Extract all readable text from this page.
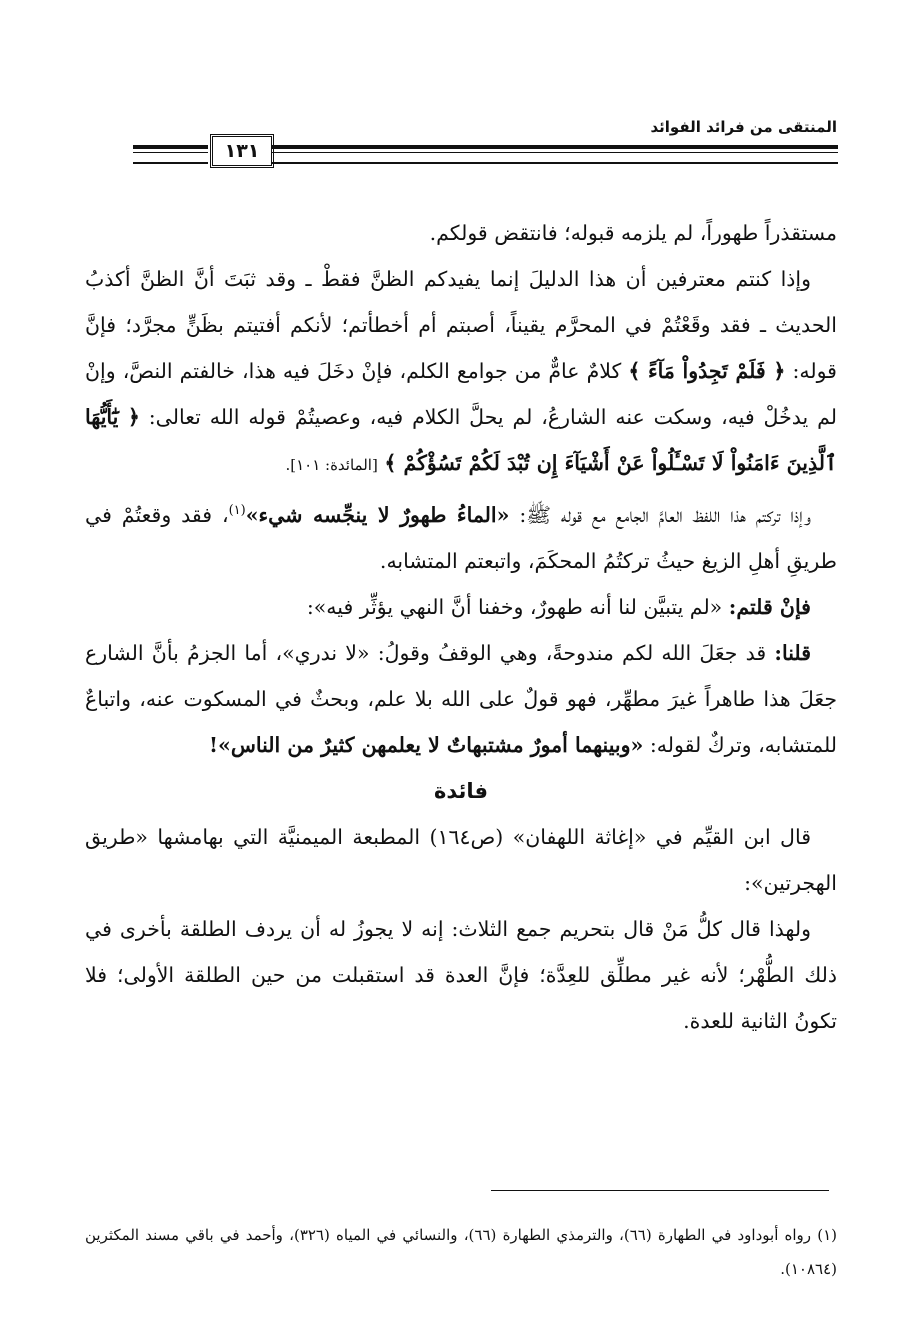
المنتقى من فرائد الفوائد
١٣١

مستقذراً طهوراً، لم يلزمه قبوله؛ فانتقض قولكم.

وإذا كنتم معترفين أن هذا الدليلَ إنما يفيدكم الظنَّ فقطْ ـ وقد ثبَتَ أنَّ الظنَّ أكذبُ الحديث ـ فقد وقَعْتُمْ في المحرَّم يقيناً، أصبتم أم أخطأتم؛ لأنكم أفتيتم بظَنٍّ مجرَّد؛ فإنَّ قوله: ﴿ فَلَمْ تَجِدُواْ مَآءً ﴾ كلامٌ عامٌّ من جوامع الكلم، فإنْ دخَلَ فيه هذا، خالفتم النصَّ، وإنْ لم يدخُلْ فيه، وسكت عنه الشارعُ، لم يحلَّ الكلام فيه، وعصيتُمْ قوله الله تعالى: ﴿ يَٰٓأَيُّهَا ٱلَّذِينَ ءَامَنُواْ لَا تَسْـَٔلُواْ عَنْ أَشْيَآءَ إِن تُبْدَ لَكُمْ تَسُؤْكُمْ ﴾ [المائدة: ١٠١].

وإذا تركتم هذا اللفظ العامَّ الجامع مع قوله ﷺ: «الماءُ طهورٌ لا ينجِّسه شيء»$^{(١)}$، فقد وقعتُمْ في طريقِ أهلِ الزيغ حيثُ تركتُمُ المحكَمَ، واتبعتم المتشابه.

فإنْ قلتم: «لم يتبيَّن لنا أنه طهورٌ، وخفنا أنَّ النهي يؤثِّر فيه»:

قلنا: قد جعَلَ الله لكم مندوحةً، وهي الوقفُ وقولُ: «لا ندري»، أما الجزمُ بأنَّ الشارع جعَلَ هذا طاهراً غيرَ مطهِّر، فهو قولٌ على الله بلا علم، وبحثٌ في المسكوت عنه، واتباعٌ للمتشابه، وتركٌ لقوله: «وبينهما أمورٌ مشتبهاتٌ لا يعلمهن كثيرٌ من الناس»!

فائدة

قال ابن القيِّم في «إغاثة اللهفان» (ص١٦٤) المطبعة الميمنيَّة التي بهامشها «طريق الهجرتين»:

ولهذا قال كلُّ مَنْ قال بتحريم جمع الثلاث: إنه لا يجوزُ له أن يردف الطلقة بأخرى في ذلك الطُّهْر؛ لأنه غير مطلِّق للعِدَّة؛ فإنَّ العدة قد استقبلت من حين الطلقة الأولى؛ فلا تكونُ الثانية للعدة.

(١) رواه أبوداود في الطهارة (٦٦)، والترمذي الطهارة (٦٦)، والنسائي في المياه (٣٢٦)، وأحمد في باقي مسند المكثرين (١٠٨٦٤).
